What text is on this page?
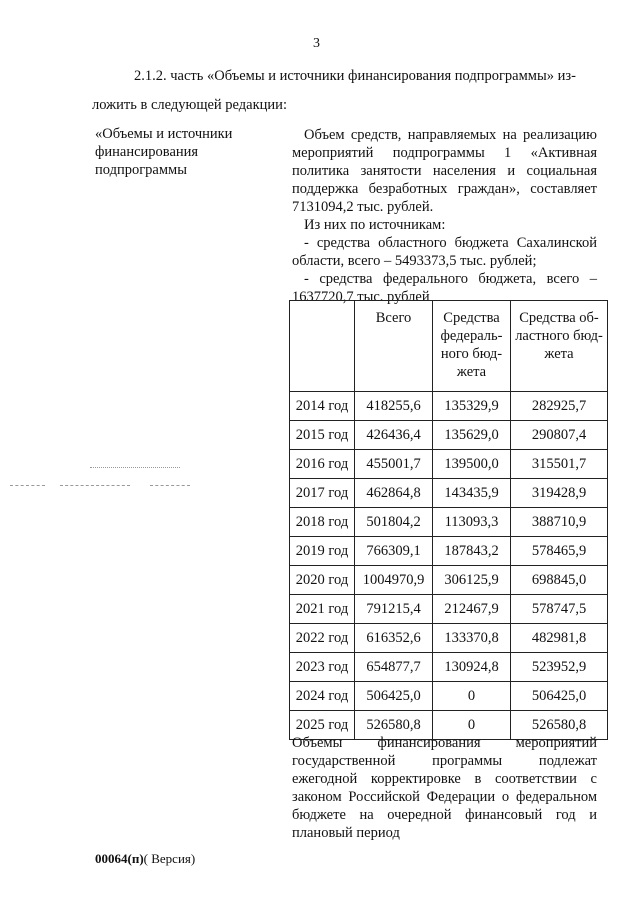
3
2.1.2. часть «Объемы и источники финансирования подпрограммы» из-
ложить в следующей редакции:
«Объемы и источники финансирования подпрограммы

Объем средств, направляемых на реализацию мероприятий подпрограммы 1 «Активная политика занятости населения и социальная поддержка безработных граждан», составляет 7131094,2 тыс. рублей.

Из них по источникам:

- средства областного бюджета Сахалинской области, всего – 5493373,5 тыс. рублей;

- средства федерального бюджета, всего – 1637720,7 тыс. рублей

	Всего	Средства федераль-ного бюд-жета	Средства об-ластного бюд-жета
2014 год	418255,6	135329,9	282925,7
2015 год	426436,4	135629,0	290807,4
2016 год	455001,7	139500,0	315501,7
2017 год	462864,8	143435,9	319428,9
2018 год	501804,2	113093,3	388710,9
2019 год	766309,1	187843,2	578465,9
2020 год	1004970,9	306125,9	698845,0
2021 год	791215,4	212467,9	578747,5
2022 год	616352,6	133370,8	482981,8
2023 год	654877,7	130924,8	523952,9
2024 год	506425,0	0	506425,0
2025 год	526580,8	0	526580,8
Объемы финансирования мероприятий государственной программы подлежат ежегодной корректировке в соответствии с законом Российской Федерации о федеральном бюджете на очередной финансовый год и плановый период
00064(п)( Версия)
